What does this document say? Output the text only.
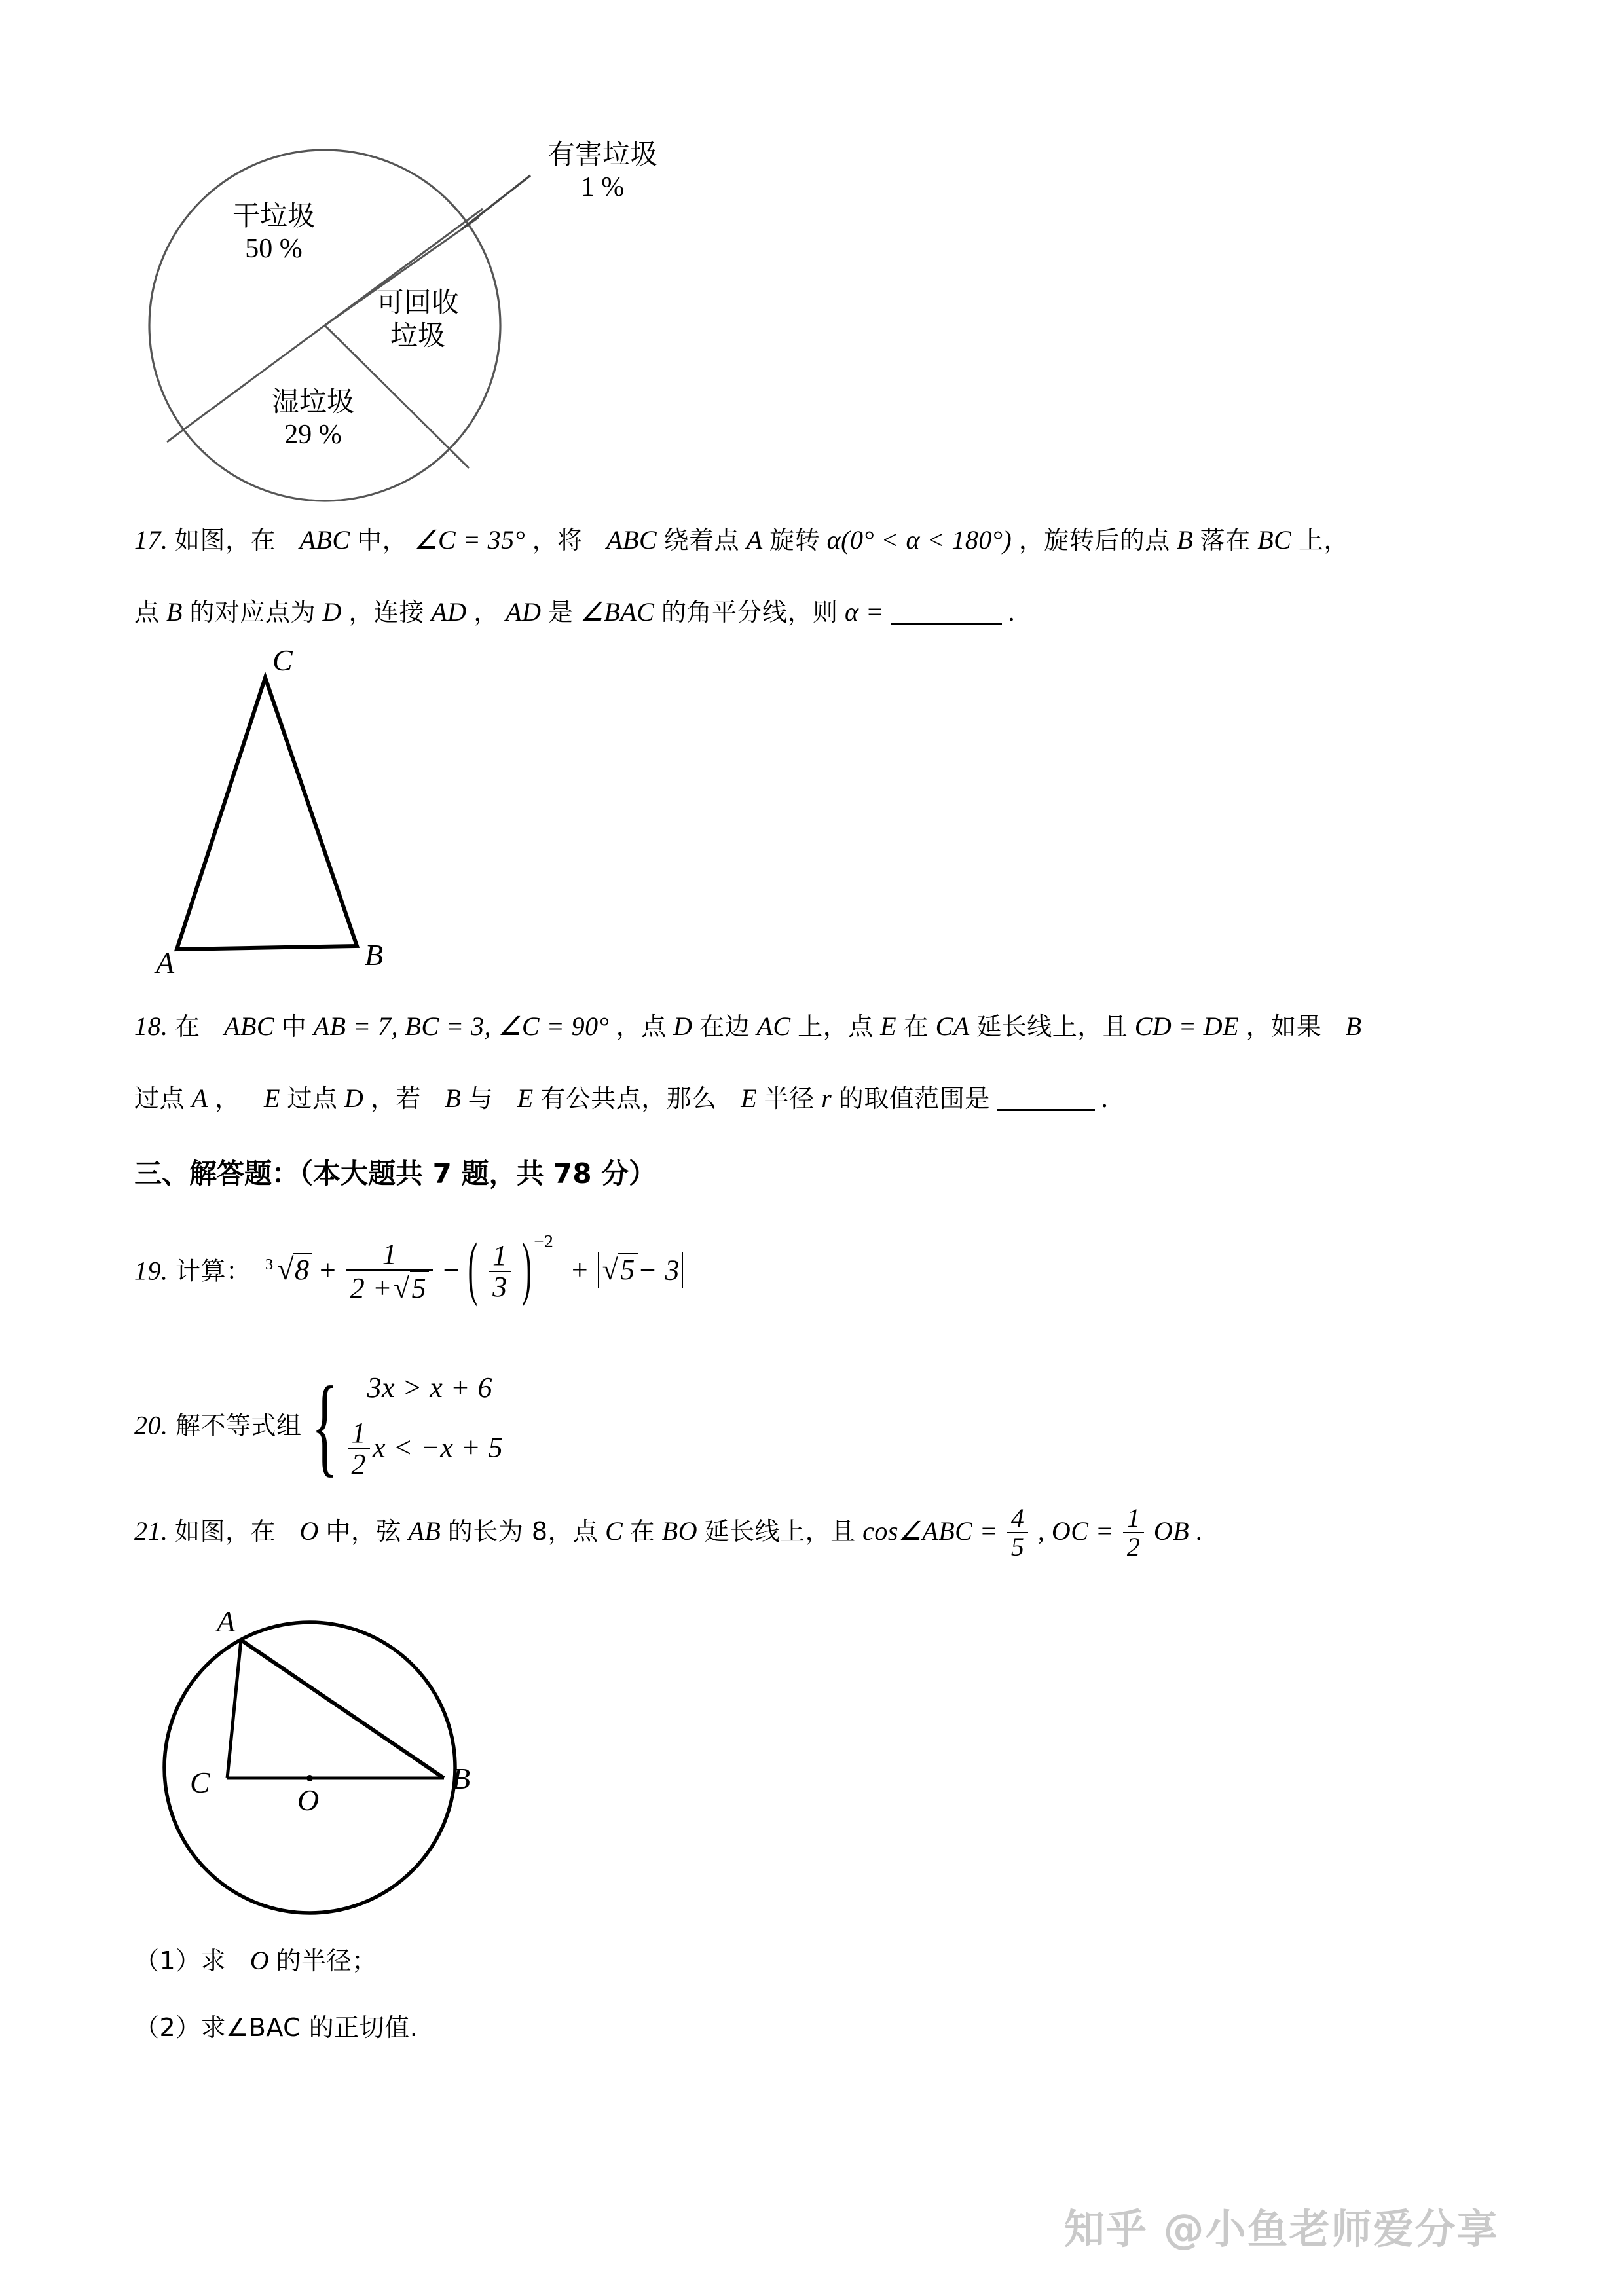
干垃圾
50 %
湿垃圾
29 %
可回收
垃圾
有害垃圾
1 %
17. 如图，在 ABC 中， ∠C = 35° ，将 ABC 绕着点 A 旋转 α(0° < α < 180°) ，旋转后的点 B 落在 BC 上，
点 B 的对应点为 D ，连接 AD ， AD 是 ∠BAC 的角平分线，则 α =	.
C
A	B
18. 在 ABC 中 AB = 7, BC = 3, ∠C = 90° ，点 D 在边 AC 上，点 E 在 CA 延长线上，且 CD = DE ，如果 B
过点 A ， E 过点 D ，若 B 与 E 有公共点，那么 E 半径 r 的取值范围是	.
三、解答题：（本大题共 7 题，共 78 分）
19. 计算： $^3$ $√8 + \frac{1}{2 +√5}$ − ( $\frac{1}{3}$ ) $^{-2}$ + √5− 3
20. 解不等式组 { 3x > x + 6
$\frac{1}{2}$ x < −x + 5
21. 如图，在 O 中，弦 AB 的长为 8，点 C 在 BO 延长线上，且 cos∠ABC = $\frac{4}{5}$ , OC = $\frac{1}{2}$ OB .
A
C
O
B
（1）求 O 的半径；
（2）求∠BAC 的正切值.
知乎 @小鱼老师爱分享
